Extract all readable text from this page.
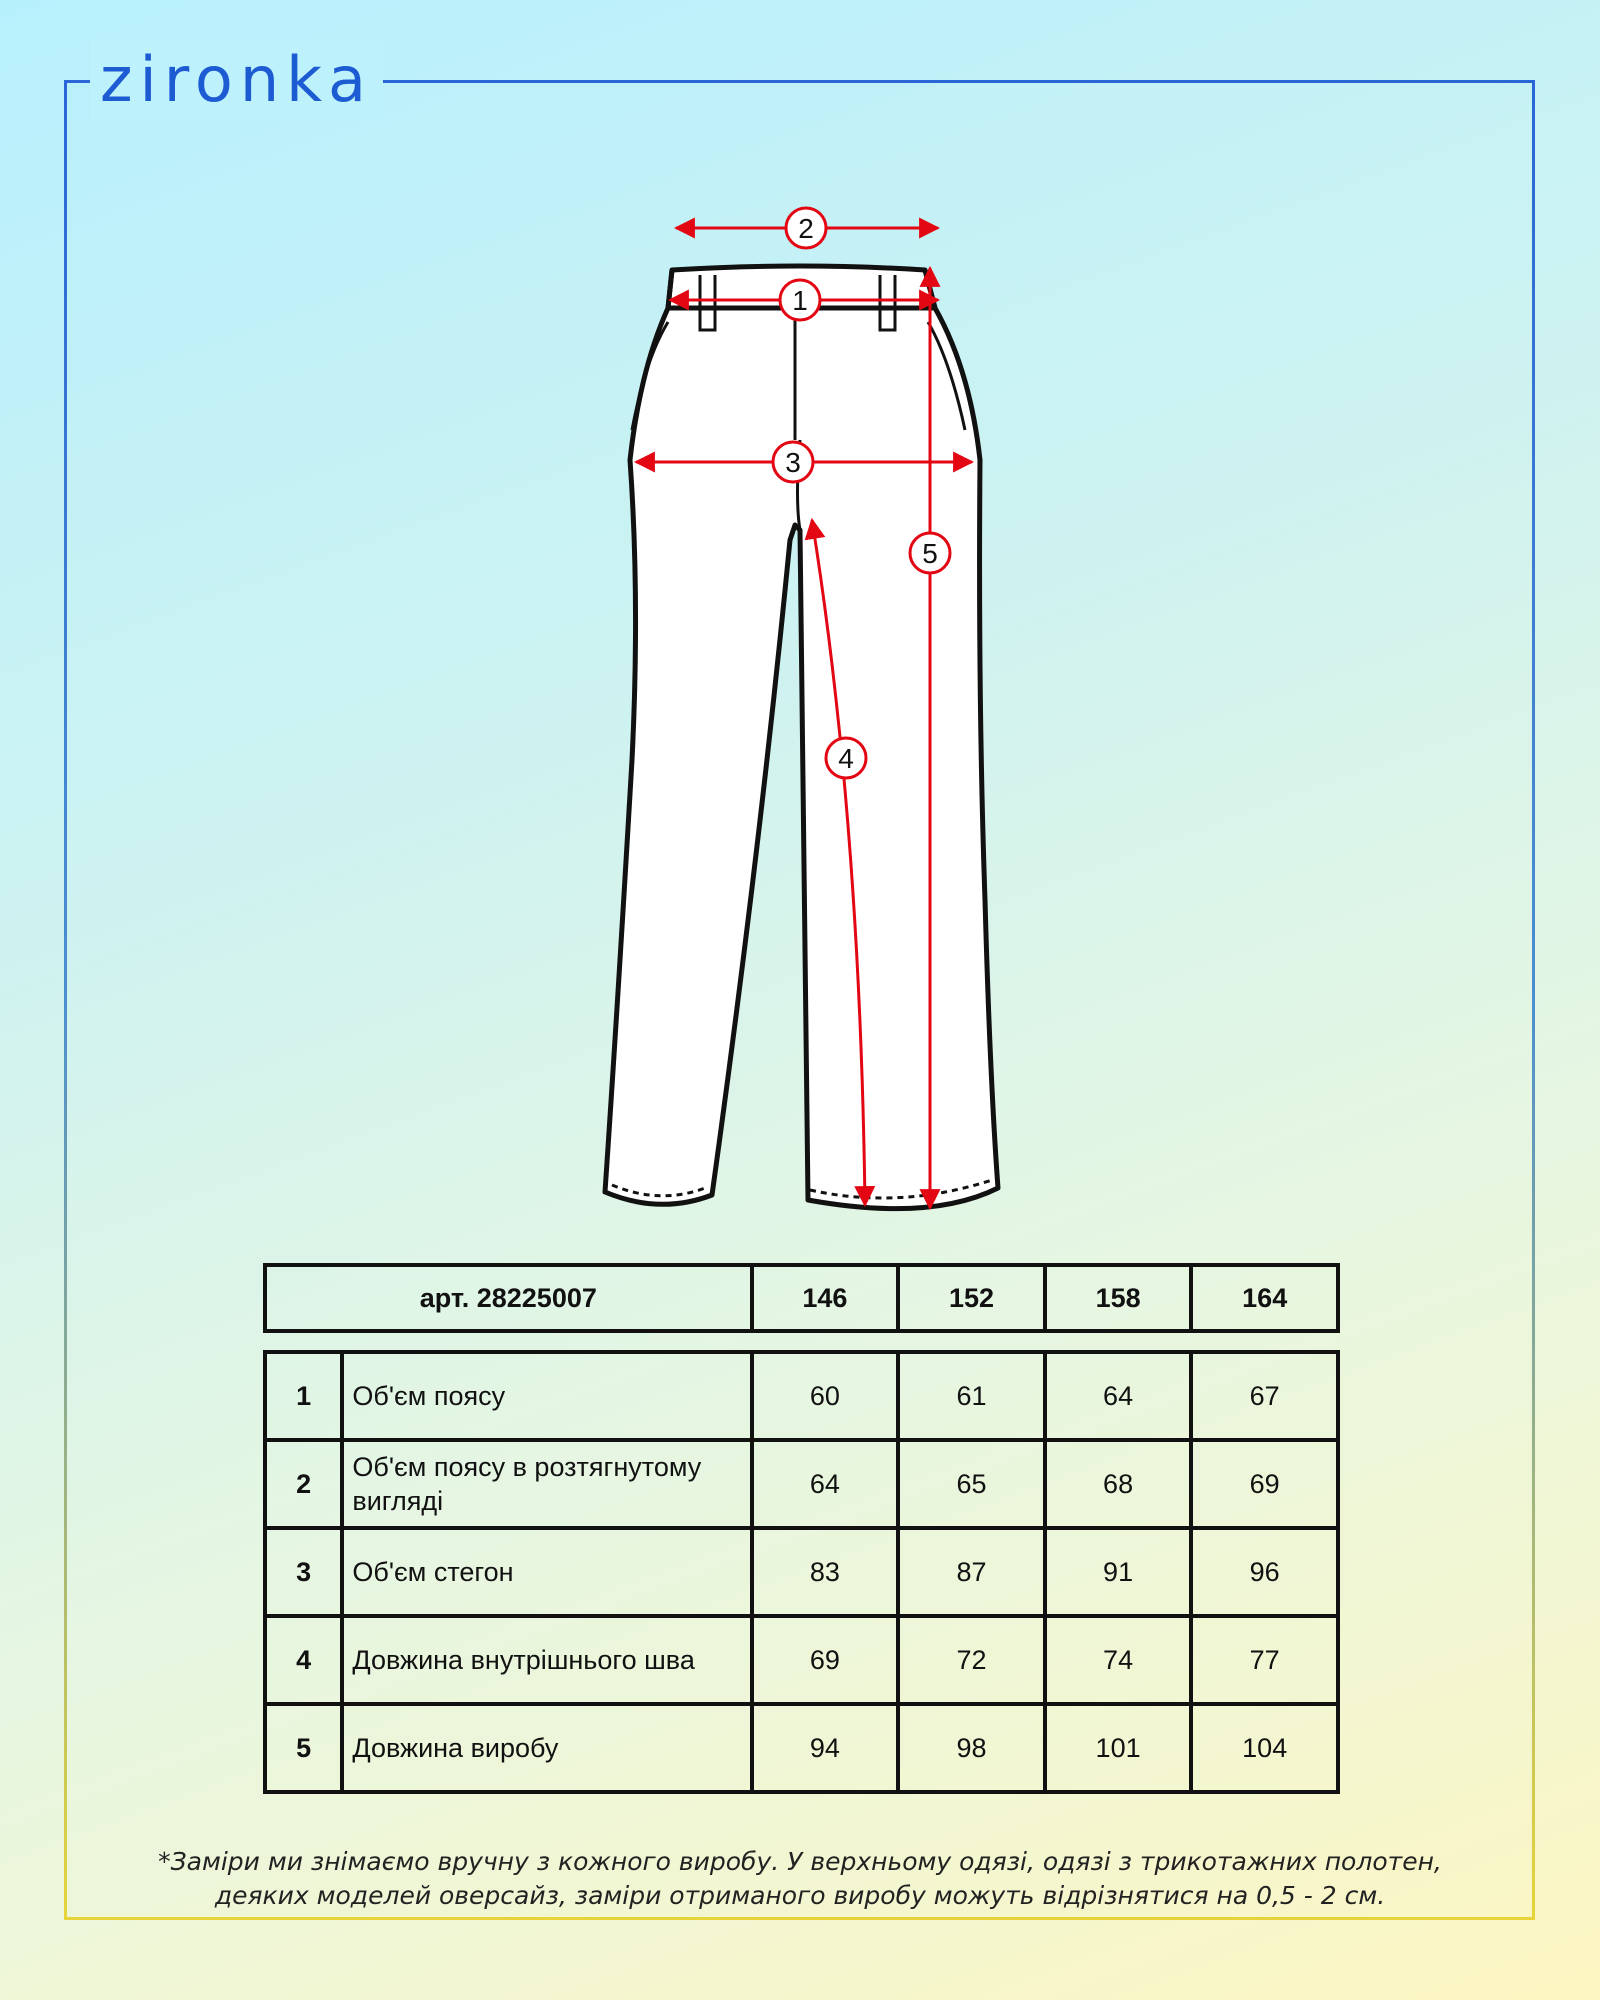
zironka
2
1
3
5
4
арт. 28225007	146	152	158	164
1	Об'єм поясу	60	61	64	67
2	Об'єм поясу в розтягнутому вигляді	64	65	68	69
3	Об'єм стегон	83	87	91	96
4	Довжина внутрішнього шва	69	72	74	77
5	Довжина виробу	94	98	101	104
*Заміри ми знімаємо вручну з кожного виробу. У верхньому одязі, одязі з трикотажних полотен,
деяких моделей оверсайз, заміри отриманого виробу можуть відрізнятися на 0,5 - 2 см.
